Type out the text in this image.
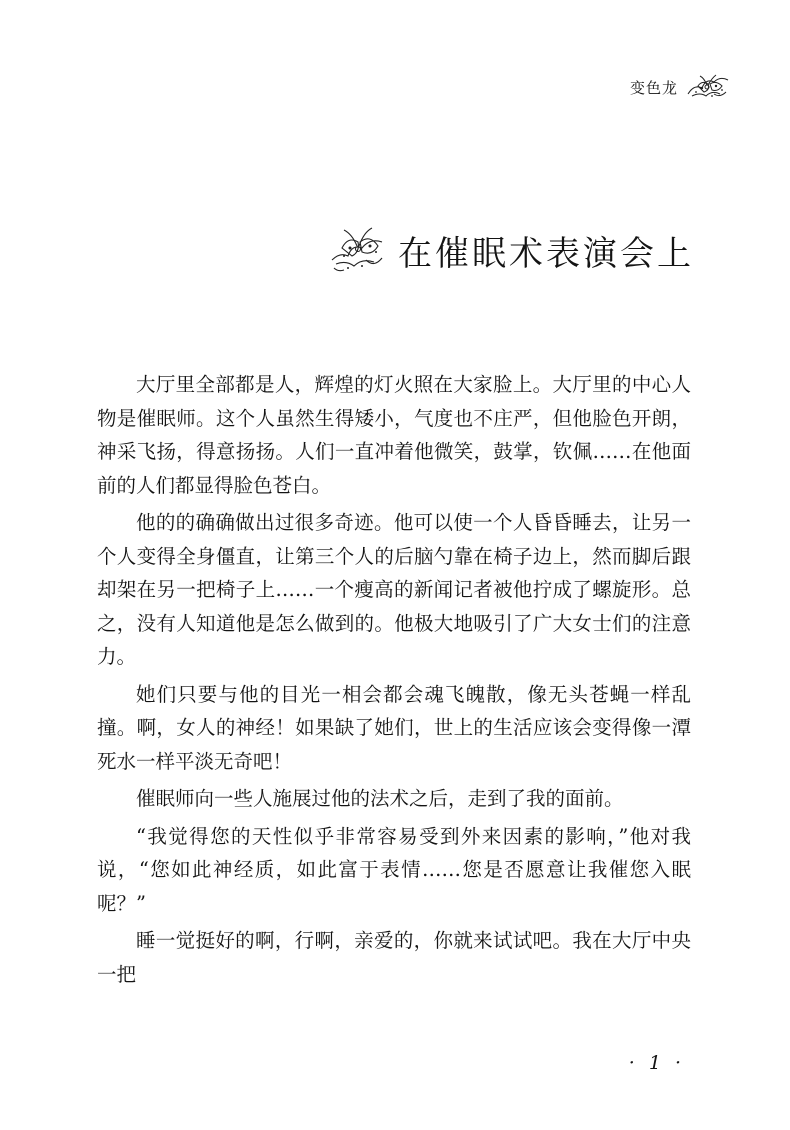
变色龙
在催眠术表演会上

大厅里全部都是人，辉煌的灯火照在大家脸上。大厅里的中心人物是催眠师。这个人虽然生得矮小，气度也不庄严，但他脸色开朗，神采飞扬，得意扬扬。人们一直冲着他微笑，鼓掌，钦佩……在他面前的人们都显得脸色苍白。

他的的确确做出过很多奇迹。他可以使一个人昏昏睡去，让另一个人变得全身僵直，让第三个人的后脑勺靠在椅子边上，然而脚后跟却架在另一把椅子上……一个瘦高的新闻记者被他拧成了螺旋形。总之，没有人知道他是怎么做到的。他极大地吸引了广大女士们的注意力。

她们只要与他的目光一相会都会魂飞魄散，像无头苍蝇一样乱撞。啊，女人的神经！如果缺了她们，世上的生活应该会变得像一潭死水一样平淡无奇吧！

催眠师向一些人施展过他的法术之后，走到了我的面前。

“我觉得您的天性似乎非常容易受到外来因素的影响，”他对我说，“您如此神经质，如此富于表情……您是否愿意让我催您入眠呢？”

睡一觉挺好的啊，行啊，亲爱的，你就来试试吧。我在大厅中央一把

· 1 ·
